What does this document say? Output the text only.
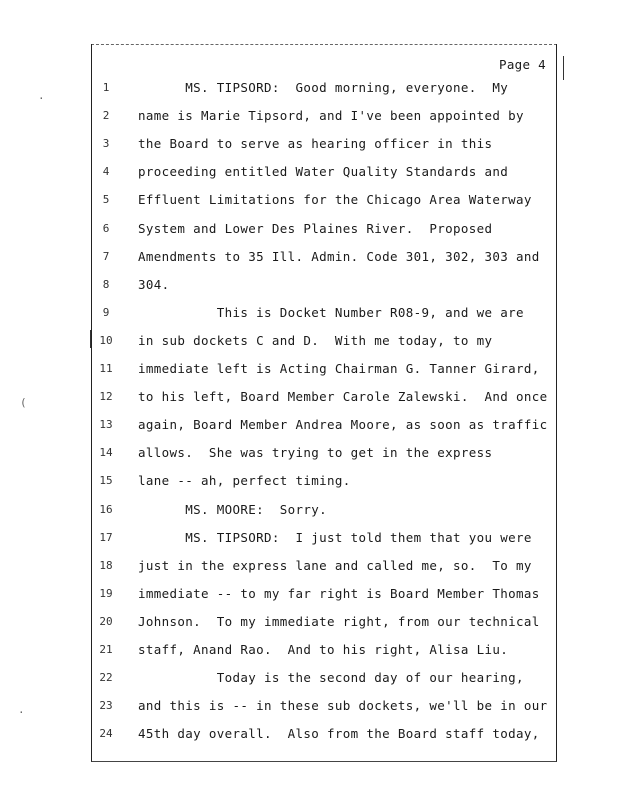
Page 4
1	MS. TIPSORD:  Good morning, everyone.  My
2	name is Marie Tipsord, and I've been appointed by
3	the Board to serve as hearing officer in this
4	proceeding entitled Water Quality Standards and
5	Effluent Limitations for the Chicago Area Waterway
6	System and Lower Des Plaines River.  Proposed
7	Amendments to 35 Ill. Admin. Code 301, 302, 303 and
8	304.
9	This is Docket Number R08-9, and we are
10	in sub dockets C and D.  With me today, to my
11	immediate left is Acting Chairman G. Tanner Girard,
12	to his left, Board Member Carole Zalewski.  And once
13	again, Board Member Andrea Moore, as soon as traffic
14	allows.  She was trying to get in the express
15	lane -- ah, perfect timing.
16	MS. MOORE:  Sorry.
17	MS. TIPSORD:  I just told them that you were
18	just in the express lane and called me, so.  To my
19	immediate -- to my far right is Board Member Thomas
20	Johnson.  To my immediate right, from our technical
21	staff, Anand Rao.  And to his right, Alisa Liu.
22	Today is the second day of our hearing,
23	and this is -- in these sub dockets, we'll be in our
24	45th day overall.  Also from the Board staff today,
·
(
·
